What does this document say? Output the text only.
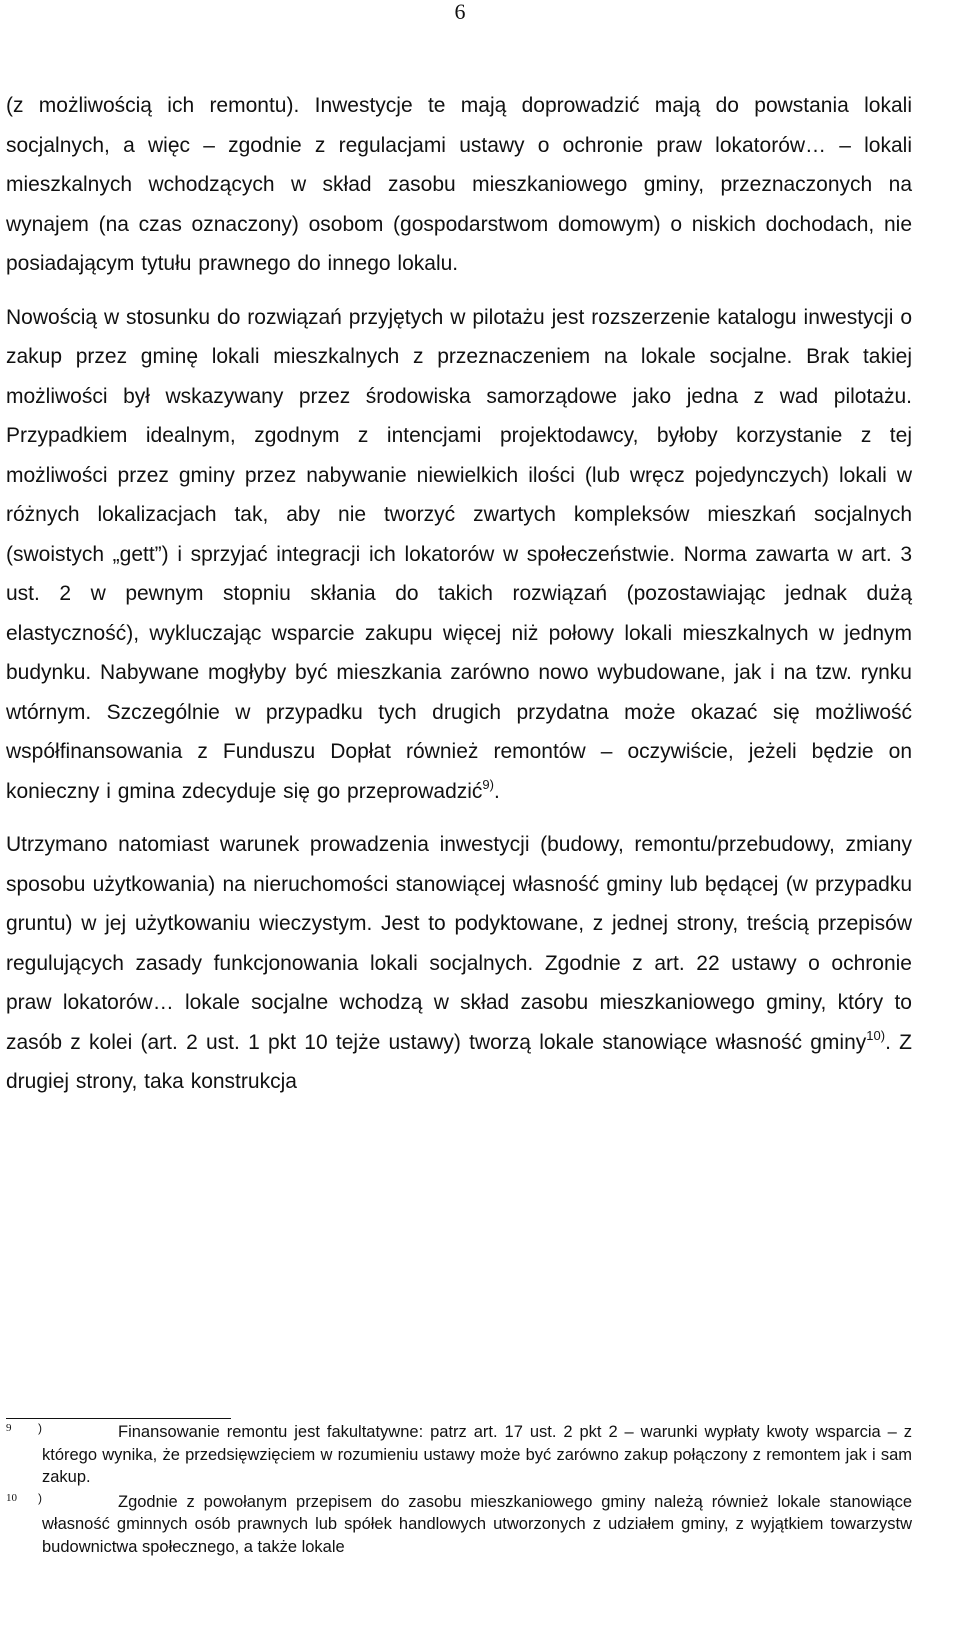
6

(z możliwością ich remontu). Inwestycje te mają doprowadzić mają do powstania lokali socjalnych, a więc – zgodnie z regulacjami ustawy o ochronie praw lokatorów… – lokali mieszkalnych wchodzących w skład zasobu mieszkaniowego gminy, przeznaczonych na wynajem (na czas oznaczony) osobom (gospodarstwom domowym) o niskich dochodach, nie posiadającym tytułu prawnego do innego lokalu.

Nowością w stosunku do rozwiązań przyjętych w pilotażu jest rozszerzenie katalogu inwestycji o zakup przez gminę lokali mieszkalnych z przeznaczeniem na lokale socjalne. Brak takiej możliwości był wskazywany przez środowiska samorządowe jako jedna z wad pilotażu. Przypadkiem idealnym, zgodnym z intencjami projektodawcy, byłoby korzystanie z tej możliwości przez gminy przez nabywanie niewielkich ilości (lub wręcz pojedynczych) lokali w różnych lokalizacjach tak, aby nie tworzyć zwartych kompleksów mieszkań socjalnych (swoistych „gett”) i sprzyjać integracji ich lokatorów w społeczeństwie. Norma zawarta w art. 3 ust. 2 w pewnym stopniu skłania do takich rozwiązań (pozostawiając jednak dużą elastyczność), wykluczając wsparcie zakupu więcej niż połowy lokali mieszkalnych w jednym budynku. Nabywane mogłyby być mieszkania zarówno nowo wybudowane, jak i na tzw. rynku wtórnym. Szczególnie w przypadku tych drugich przydatna może okazać się możliwość współfinansowania z Funduszu Dopłat również remontów – oczywiście, jeżeli będzie on konieczny i gmina zdecyduje się go przeprowadzić$^{9)}$.

Utrzymano natomiast warunek prowadzenia inwestycji (budowy, remontu/przebudowy, zmiany sposobu użytkowania) na nieruchomości stanowiącej własność gminy lub będącej (w przypadku gruntu) w jej użytkowaniu wieczystym. Jest to podyktowane, z jednej strony, treścią przepisów regulujących zasady funkcjonowania lokali socjalnych. Zgodnie z art. 22 ustawy o ochronie praw lokatorów… lokale socjalne wchodzą w skład zasobu mieszkaniowego gminy, który to zasób z kolei (art. 2 ust. 1 pkt 10 tejże ustawy) tworzą lokale stanowiące własność gminy$^{10)}$. Z drugiej strony, taka konstrukcja

9 )	Finansowanie remontu jest fakultatywne: patrz art. 17 ust. 2 pkt 2 – warunki wypłaty kwoty wsparcia – z którego wynika, że przedsięwzięciem w rozumieniu ustawy może być zarówno zakup połączony z remontem jak i sam zakup.

10 )	Zgodnie z powołanym przepisem do zasobu mieszkaniowego gminy należą również lokale stanowiące własność gminnych osób prawnych lub spółek handlowych utworzonych z udziałem gminy, z wyjątkiem towarzystw budownictwa społecznego, a także lokale
